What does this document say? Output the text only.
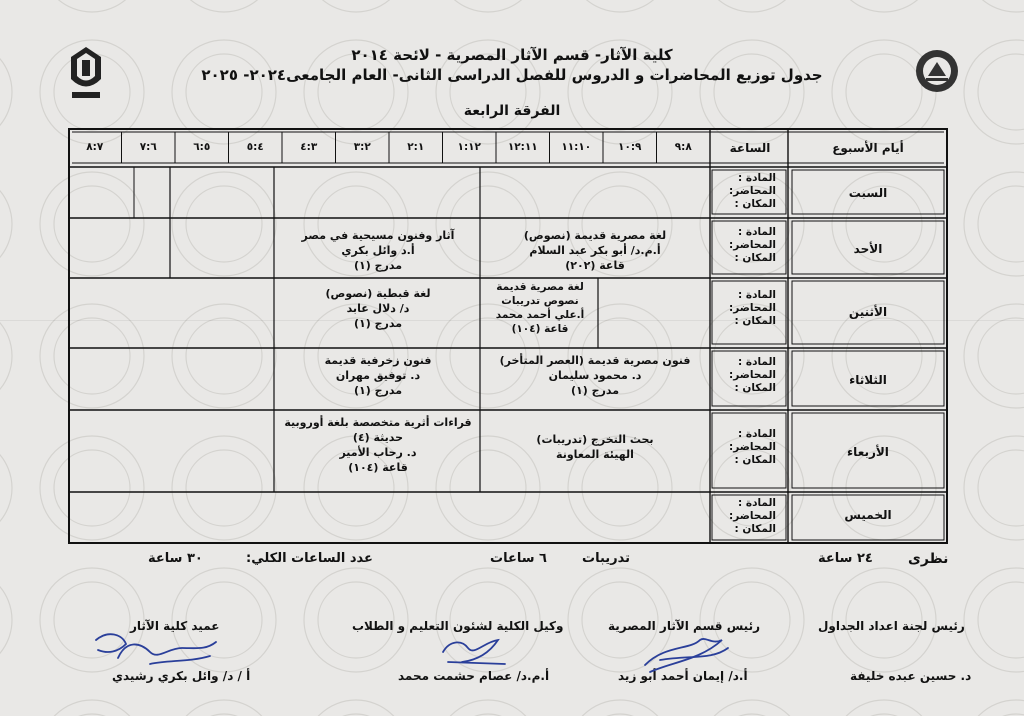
كلية الآثار- قسم الآثار المصرية - لائحة ٢٠١٤
جدول توزيع المحاضرات و الدروس للفصل الدراسى الثانى- العام الجامعى٢٠٢٤- ٢٠٢٥
الفرقة الرابعة
أيام الأسبوع
الساعة
٩:٨
١٠:٩
١١:١٠
١٢:١١
١:١٢
٢:١
٣:٢
٤:٣
٥:٤
٦:٥
٧:٦
٨:٧
السبت
الأحد
الأثنين
الثلاثاء
الأربعاء
الخميس
المادة :
المحاضر:
المكان :
المادة :
المحاضر:
المكان :
المادة :
المحاضر:
المكان :
المادة :
المحاضر:
المكان :
المادة :
المحاضر:
المكان :
المادة :
المحاضر:
المكان :
لغة مصرية قديمة (نصوص)
أ.م.د/ أبو بكر عبد السلام
قاعة (٢٠٢)
آثار وفنون مسيحية في مصر
أ.د وائل بكري
مدرج (١)
لغة مصرية قديمة
نصوص تدريبات
أ.علي أحمد محمد
قاعة (١٠٤)
لغة قبطية (نصوص)
د/ دلال عابد
مدرج (١)
فنون مصرية قديمة (العصر المتأخر)
د. محمود سليمان
مدرج (١)
فنون زخرفية قديمة
د. توفيق مهران
مدرج (١)
بحث التخرج (تدريبات)
الهيئة المعاونة
قراءات أثرية متخصصة بلغة أوروبية
حديثة (٤)
د. رحاب الأمير
قاعة (١٠٤)
نظرى
٢٤ ساعة
تدريبات
٦ ساعات
عدد الساعات الكلي:
٣٠ ساعة
رئيس لجنة اعداد الجداول
د. حسين عبده خليفة
رئيس قسم الآثار المصرية
أ.د/ إيمان أحمد أبو زيد
وكيل الكلية لشئون التعليم و الطلاب
أ.م.د/ عصام حشمت محمد
عميد كلية الآثار
أ / د/ وائل بكري رشيدي
